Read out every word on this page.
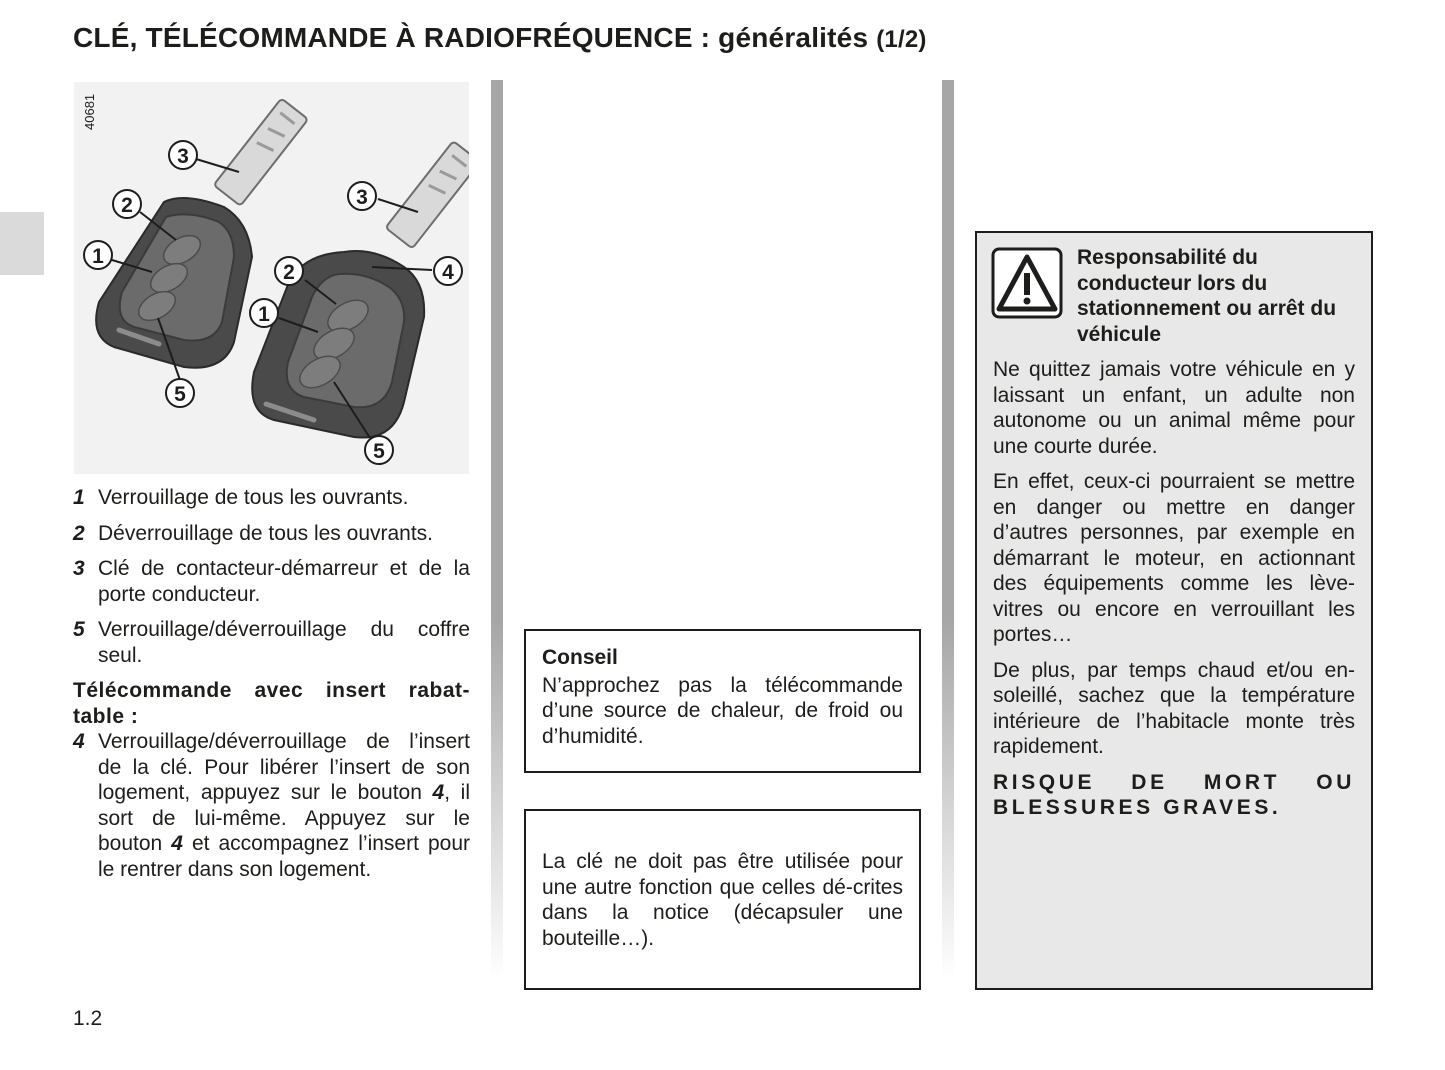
CLÉ, TÉLÉCOMMANDE À RADIOFRÉQUENCE : généralités (1/2)
40681
3
2
1
5
3
4
2
1
5
1 Verrouillage de tous les ouvrants.
2 Déverrouillage de tous les ouvrants.
3 Clé de contacteur-démarreur et de la porte conducteur.
5 Verrouillage/déverrouillage du coffre seul.
Télécommande avec insert rabat-table :
4 Verrouillage/déverrouillage de l’insert de la clé. Pour libérer l’insert de son logement, appuyez sur le bouton 4, il sort de lui-même. Appuyez sur le bouton 4 et accompagnez l’insert pour le rentrer dans son logement.
Conseil
N’approchez pas la télécommande d’une source de chaleur, de froid ou d’humidité.
La clé ne doit pas être utilisée pour une autre fonction que celles dé-crites dans la notice (décapsuler une bouteille…).
Responsabilité du conducteur lors du stationnement ou arrêt du véhicule

Ne quittez jamais votre véhicule en y laissant un enfant, un adulte non autonome ou un animal même pour une courte durée.

En effet, ceux-ci pourraient se mettre en danger ou mettre en danger d’autres personnes, par exemple en démarrant le moteur, en actionnant des équipements comme les lève-vitres ou encore en verrouillant les portes…

De plus, par temps chaud et/ou en-soleillé, sachez que la température intérieure de l’habitacle monte très rapidement.

RISQUE DE MORT OU BLESSURES GRAVES.
1.2
